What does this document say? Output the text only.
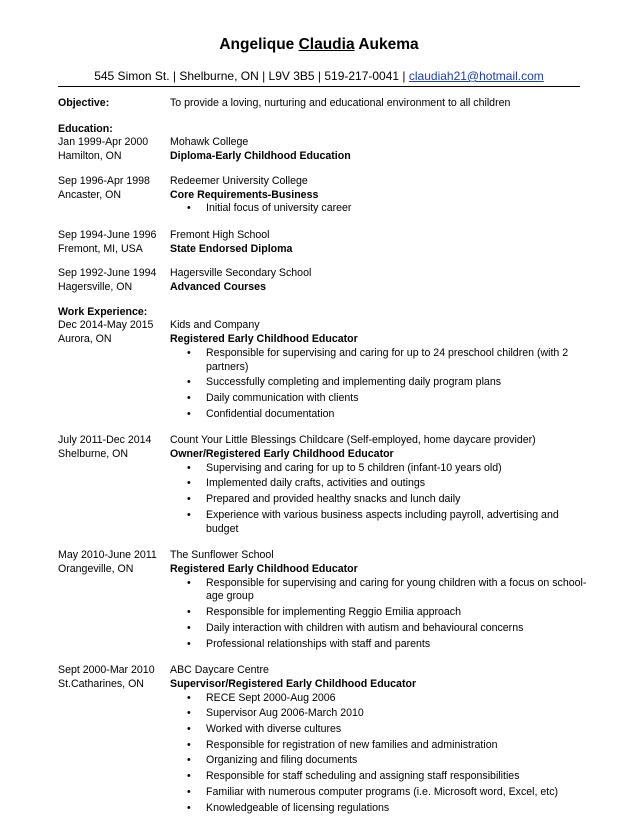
Angelique Claudia Aukema
545 Simon St. | Shelburne, ON | L9V 3B5 | 519-217-0041 | claudiah21@hotmail.com
Objective:	To provide a loving, nurturing and educational environment to all children
Education:
Jan 1999-Apr 2000
Hamilton, ON
Mohawk College
Diploma-Early Childhood Education
Sep 1996-Apr 1998
Ancaster, ON
Redeemer University College
Core Requirements-Business
• Initial focus of university career
Sep 1994-June 1996
Fremont, MI, USA
Fremont High School
State Endorsed Diploma
Sep 1992-June 1994
Hagersville, ON
Hagersville Secondary School
Advanced Courses
Work Experience:
Dec 2014-May 2015
Aurora, ON
Kids and Company
Registered Early Childhood Educator
• Responsible for supervising and caring for up to 24 preschool children (with 2 partners)
• Successfully completing and implementing daily program plans
• Daily communication with clients
• Confidential documentation
July 2011-Dec 2014
Shelburne, ON
Count Your Little Blessings Childcare (Self-employed, home daycare provider)
Owner/Registered Early Childhood Educator
• Supervising and caring for up to 5 children (infant-10 years old)
• Implemented daily crafts, activities and outings
• Prepared and provided healthy snacks and lunch daily
• Experience with various business aspects including payroll, advertising and budget
May 2010-June 2011
Orangeville, ON
The Sunflower School
Registered Early Childhood Educator
• Responsible for supervising and caring for young children with a focus on school-age group
• Responsible for implementing Reggio Emilia approach
• Daily interaction with children with autism and behavioural concerns
• Professional relationships with staff and parents
Sept 2000-Mar 2010
St.Catharines, ON
ABC Daycare Centre
Supervisor/Registered Early Childhood Educator
• RECE Sept 2000-Aug 2006
• Supervisor Aug 2006-March 2010
• Worked with diverse cultures
• Responsible for registration of new families and administration
• Organizing and filing documents
• Responsible for staff scheduling and assigning staff responsibilities
• Familiar with numerous computer programs (i.e. Microsoft word, Excel, etc)
• Knowledgeable of licensing regulations
